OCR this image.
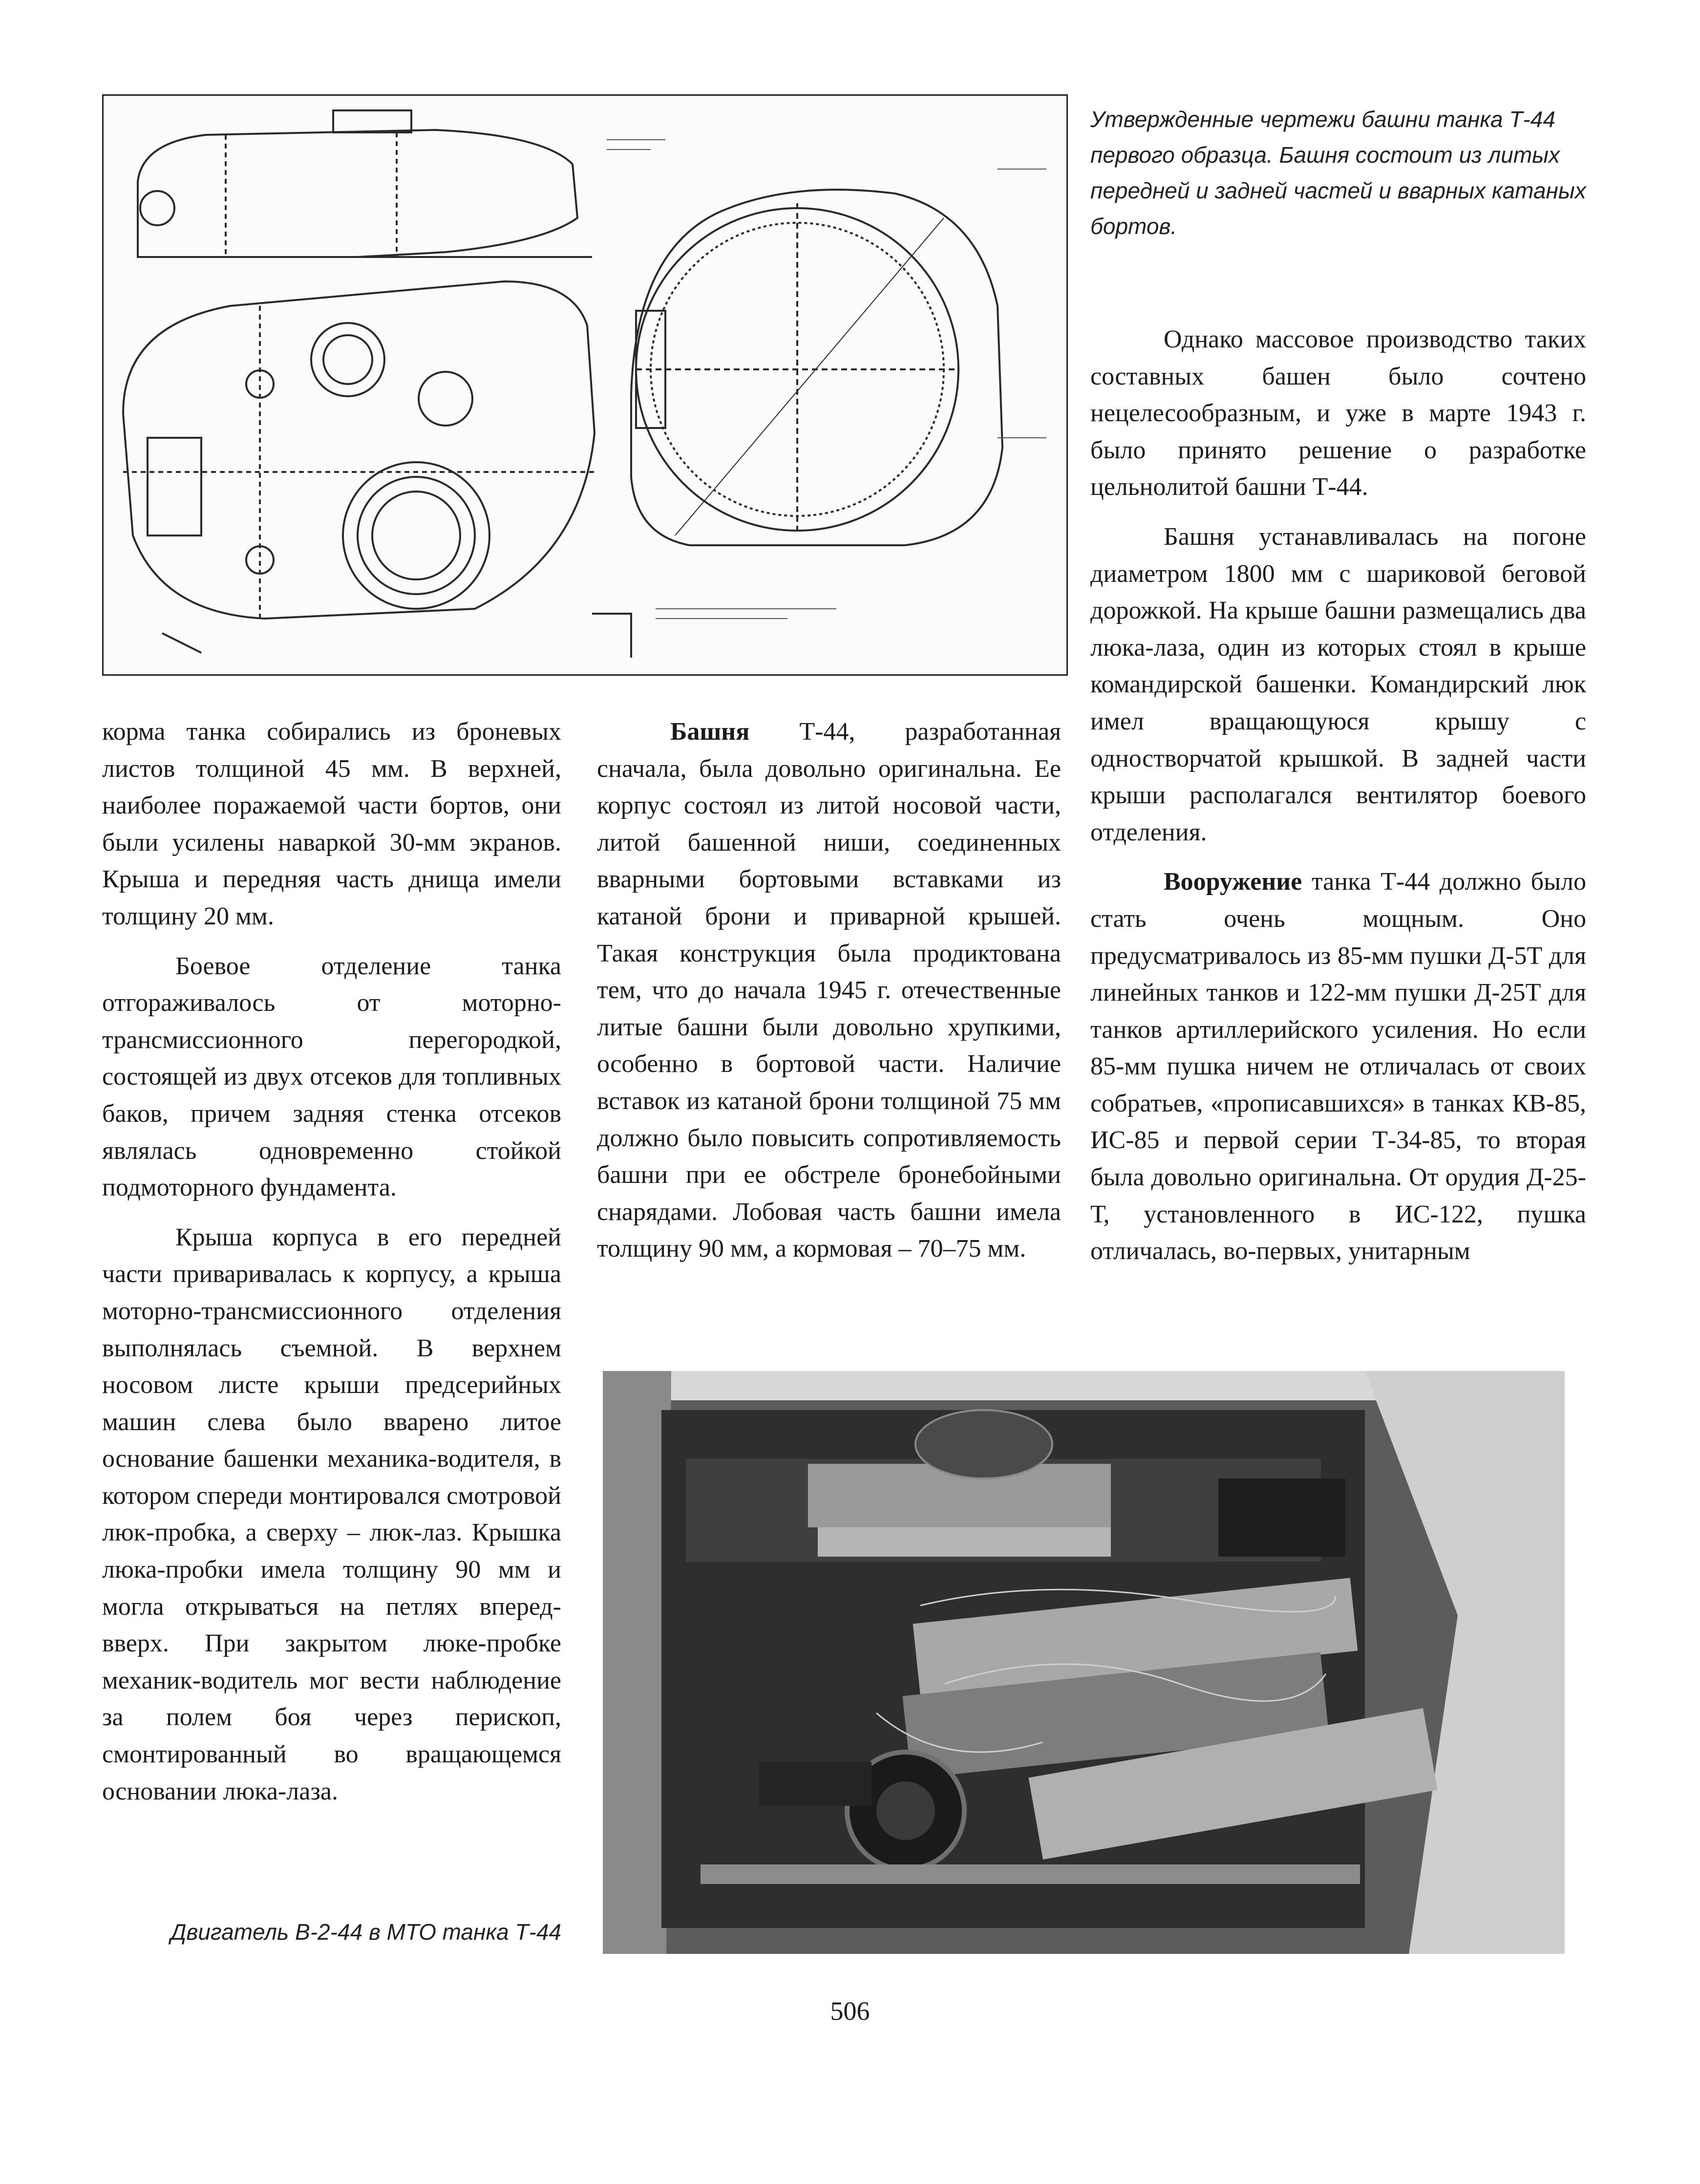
Утвержденные чертежи башни танка Т-44 первого образца. Башня состоит из литых передней и задней частей и вварных катаных бортов.

Однако массовое производство таких составных башен было сочтено нецелесообразным, и уже в марте 1943 г. было принято решение о разработке цельнолитой башни Т-44.

Башня устанавливалась на погоне диаметром 1800 мм с шариковой беговой дорожкой. На крыше башни размещались два люка-лаза, один из которых стоял в крыше командирской башенки. Командирский люк имел вращающуюся крышу с одностворчатой крышкой. В задней части крыши располагался вентилятор боевого отделения.

Вооружение танка Т-44 должно было стать очень мощным. Оно предусматривалось из 85-мм пушки Д-5Т для линейных танков и 122-мм пушки Д-25Т для танков артиллерийского усиления. Но если 85-мм пушка ничем не отличалась от своих собратьев, «прописавшихся» в танках КВ-85, ИС-85 и первой серии Т-34-85, то вторая была довольно оригинальна. От орудия Д-25-Т, установленного в ИС-122, пушка отличалась, во-первых, унитарным

корма танка собирались из броневых листов толщиной 45 мм. В верхней, наиболее поражаемой части бортов, они были усилены наваркой 30-мм экранов. Крыша и передняя часть днища имели толщину 20 мм.

Боевое отделение танка отгораживалось от моторно-трансмиссионного перегородкой, состоящей из двух отсеков для топливных баков, причем задняя стенка отсеков являлась одновременно стойкой подмоторного фундамента.

Крыша корпуса в его передней части приваривалась к корпусу, а крыша моторно-трансмиссионного отделения выполнялась съемной. В верхнем носовом листе крыши предсерийных машин слева было вварено литое основание башенки механика-водителя, в котором спереди монтировался смотровой люк-пробка, а сверху – люк-лаз. Крышка люка-пробки имела толщину 90 мм и могла открываться на петлях вперед-вверх. При закрытом люке-пробке механик-водитель мог вести наблюдение за полем боя через перископ, смонтированный во вращающемся основании люка-лаза.

Башня Т-44, разработанная сначала, была довольно оригинальна. Ее корпус состоял из литой носовой части, литой башенной ниши, соединенных вварными бортовыми вставками из катаной брони и приварной крышей. Такая конструкция была продиктована тем, что до начала 1945 г. отечественные литые башни были довольно хрупкими, особенно в бортовой части. Наличие вставок из катаной брони толщиной 75 мм должно было повысить сопротивляемость башни при ее обстреле бронебойными снарядами. Лобовая часть башни имела толщину 90 мм, а кормовая – 70–75 мм.

Двигатель В-2-44 в МТО танка Т-44
506
